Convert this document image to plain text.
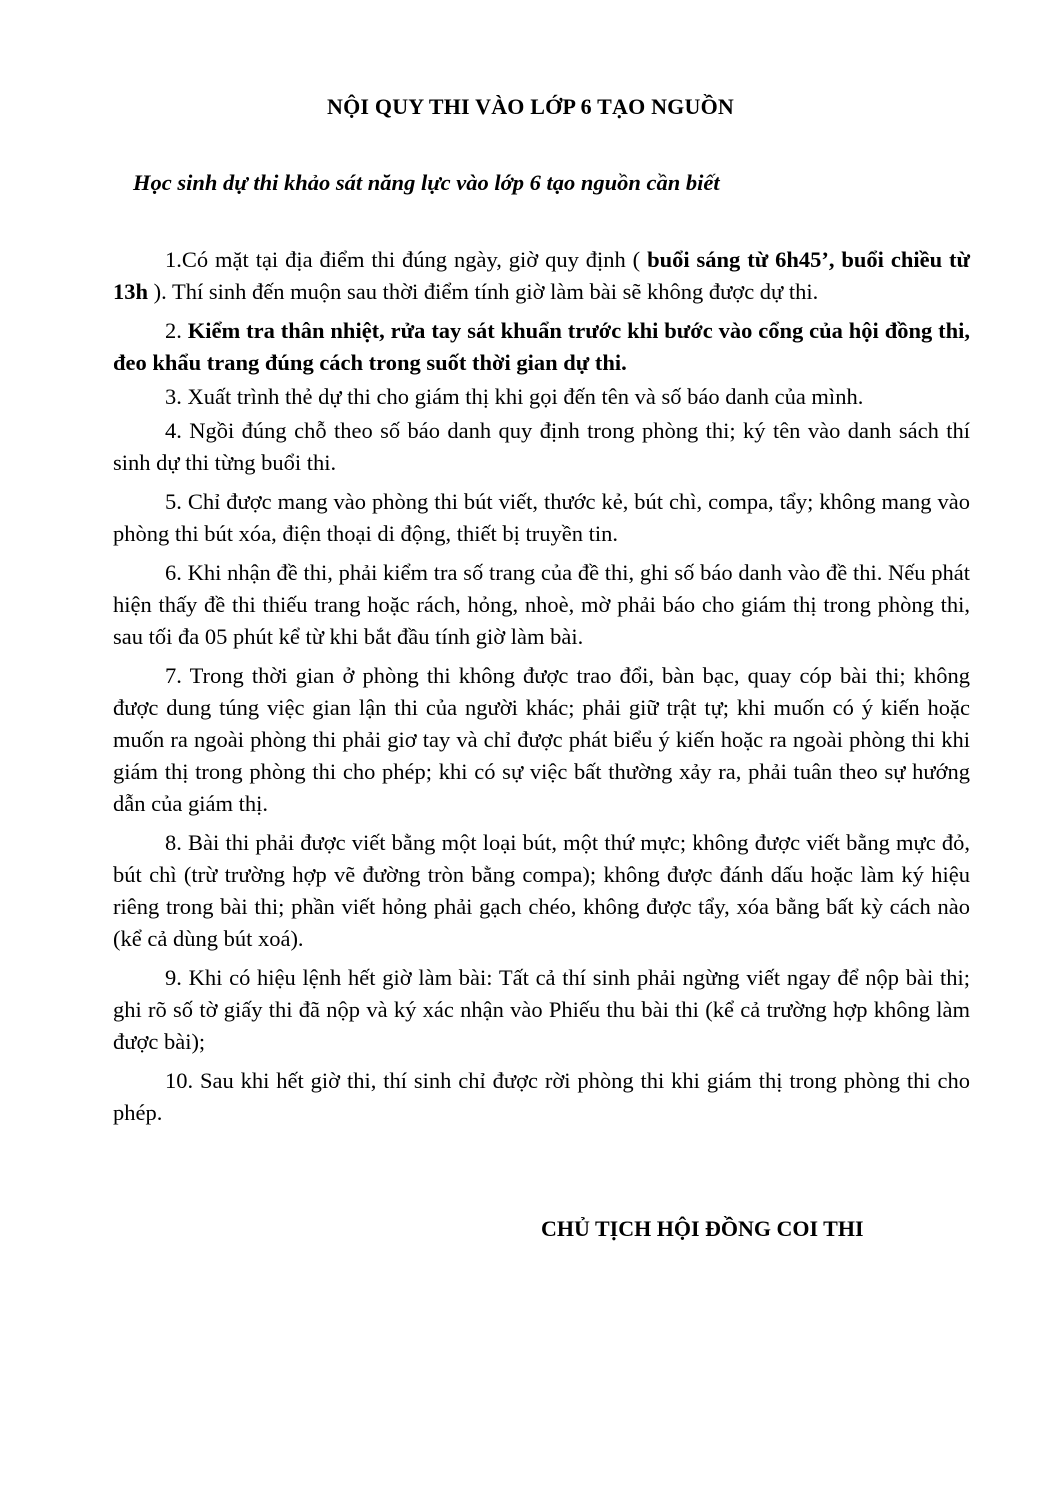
NỘI QUY THI VÀO LỚP 6 TẠO NGUỒN
Học sinh dự thi khảo sát năng lực vào lớp 6 tạo nguồn cần biết

1.Có mặt tại địa điểm thi đúng ngày, giờ quy định ( buổi sáng từ 6h45’, buổi chiều từ 13h ). Thí sinh đến muộn sau thời điểm tính giờ làm bài sẽ không được dự thi.

2. Kiểm tra thân nhiệt, rửa tay sát khuẩn trước khi bước vào cổng của hội đồng thi, đeo khẩu trang đúng cách trong suốt thời gian dự thi.

3. Xuất trình thẻ dự thi cho giám thị khi gọi đến tên và số báo danh của mình.

4. Ngồi đúng chỗ theo số báo danh quy định trong phòng thi; ký tên vào danh sách thí sinh dự thi từng buổi thi.

5. Chỉ được mang vào phòng thi bút viết, thước kẻ, bút chì, compa, tẩy; không mang vào phòng thi bút xóa, điện thoại di động, thiết bị truyền tin.

6. Khi nhận đề thi, phải kiểm tra số trang của đề thi, ghi số báo danh vào đề thi. Nếu phát hiện thấy đề thi thiếu trang hoặc rách, hỏng, nhoè, mờ phải báo cho giám thị trong phòng thi, sau tối đa 05 phút kể từ khi bắt đầu tính giờ làm bài.

7. Trong thời gian ở phòng thi không được trao đổi, bàn bạc, quay cóp bài thi; không được dung túng việc gian lận thi của người khác; phải giữ trật tự; khi muốn có ý kiến hoặc muốn ra ngoài phòng thi phải giơ tay và chỉ được phát biểu ý kiến hoặc ra ngoài phòng thi khi giám thị trong phòng thi cho phép; khi có sự việc bất thường xảy ra, phải tuân theo sự hướng dẫn của giám thị.

8. Bài thi phải được viết bằng một loại bút, một thứ mực; không được viết bằng mực đỏ, bút chì (trừ trường hợp vẽ đường tròn bằng compa); không được đánh dấu hoặc làm ký hiệu riêng trong bài thi; phần viết hỏng phải gạch chéo, không được tẩy, xóa bằng bất kỳ cách nào (kể cả dùng bút xoá).

9. Khi có hiệu lệnh hết giờ làm bài: Tất cả thí sinh phải ngừng viết ngay để nộp bài thi; ghi rõ số tờ giấy thi đã nộp và ký xác nhận vào Phiếu thu bài thi (kể cả trường hợp không làm được bài);

10. Sau khi hết giờ thi, thí sinh chỉ được rời phòng thi khi giám thị trong phòng thi cho phép.

CHỦ TỊCH HỘI ĐỒNG COI THI
